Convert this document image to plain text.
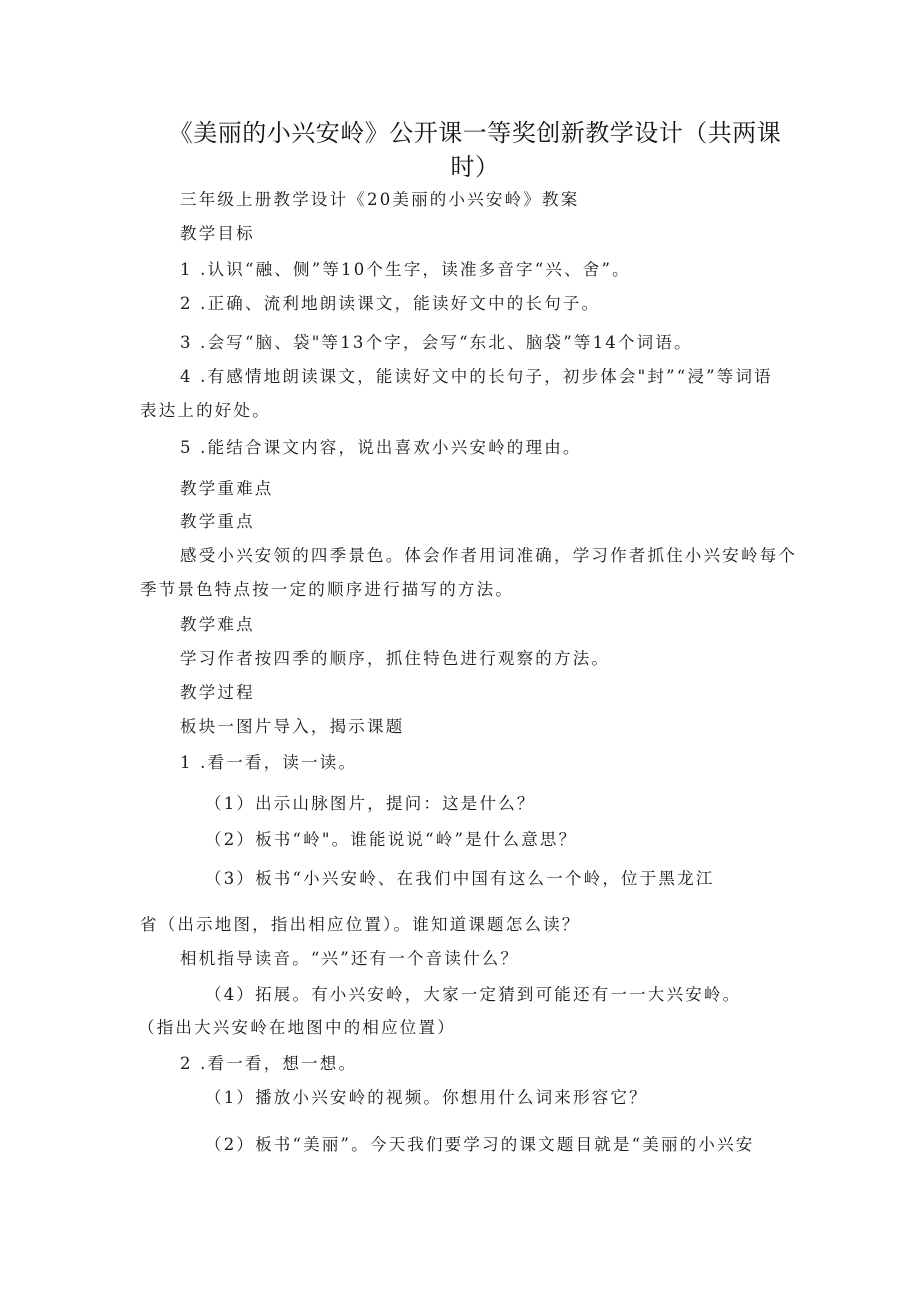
《美丽的小兴安岭》公开课一等奖创新教学设计（共两课
时）
三年级上册教学设计《20美丽的小兴安岭》教案
教学目标
1 .认识“融、侧”等10个生字，读准多音字“兴、舍”。
2 .正确、流利地朗读课文，能读好文中的长句子。
3 .会写“脑、袋"等13个字，会写“东北、脑袋”等14个词语。
4 .有感情地朗读课文，能读好文中的长句子，初步体会"封”“浸”等词语
表达上的好处。
5 .能结合课文内容，说出喜欢小兴安岭的理由。
教学重难点
教学重点
感受小兴安领的四季景色。体会作者用词准确，学习作者抓住小兴安岭每个
季节景色特点按一定的顺序进行描写的方法。
教学难点
学习作者按四季的顺序，抓住特色进行观察的方法。
教学过程
板块一图片导入，揭示课题
1 .看一看，读一读。
（1）出示山脉图片，提问：这是什么？
（2）板书“岭"。谁能说说“岭”是什么意思？
（3）板书“小兴安岭、在我们中国有这么一个岭，位于黑龙江
省（出示地图，指出相应位置）。谁知道课题怎么读？
相机指导读音。“兴”还有一个音读什么？
（4）拓展。有小兴安岭，大家一定猜到可能还有一一大兴安岭。
（指出大兴安岭在地图中的相应位置）
2 .看一看，想一想。
（1）播放小兴安岭的视频。你想用什么词来形容它？
（2）板书“美丽”。今天我们要学习的课文题目就是“美丽的小兴安
